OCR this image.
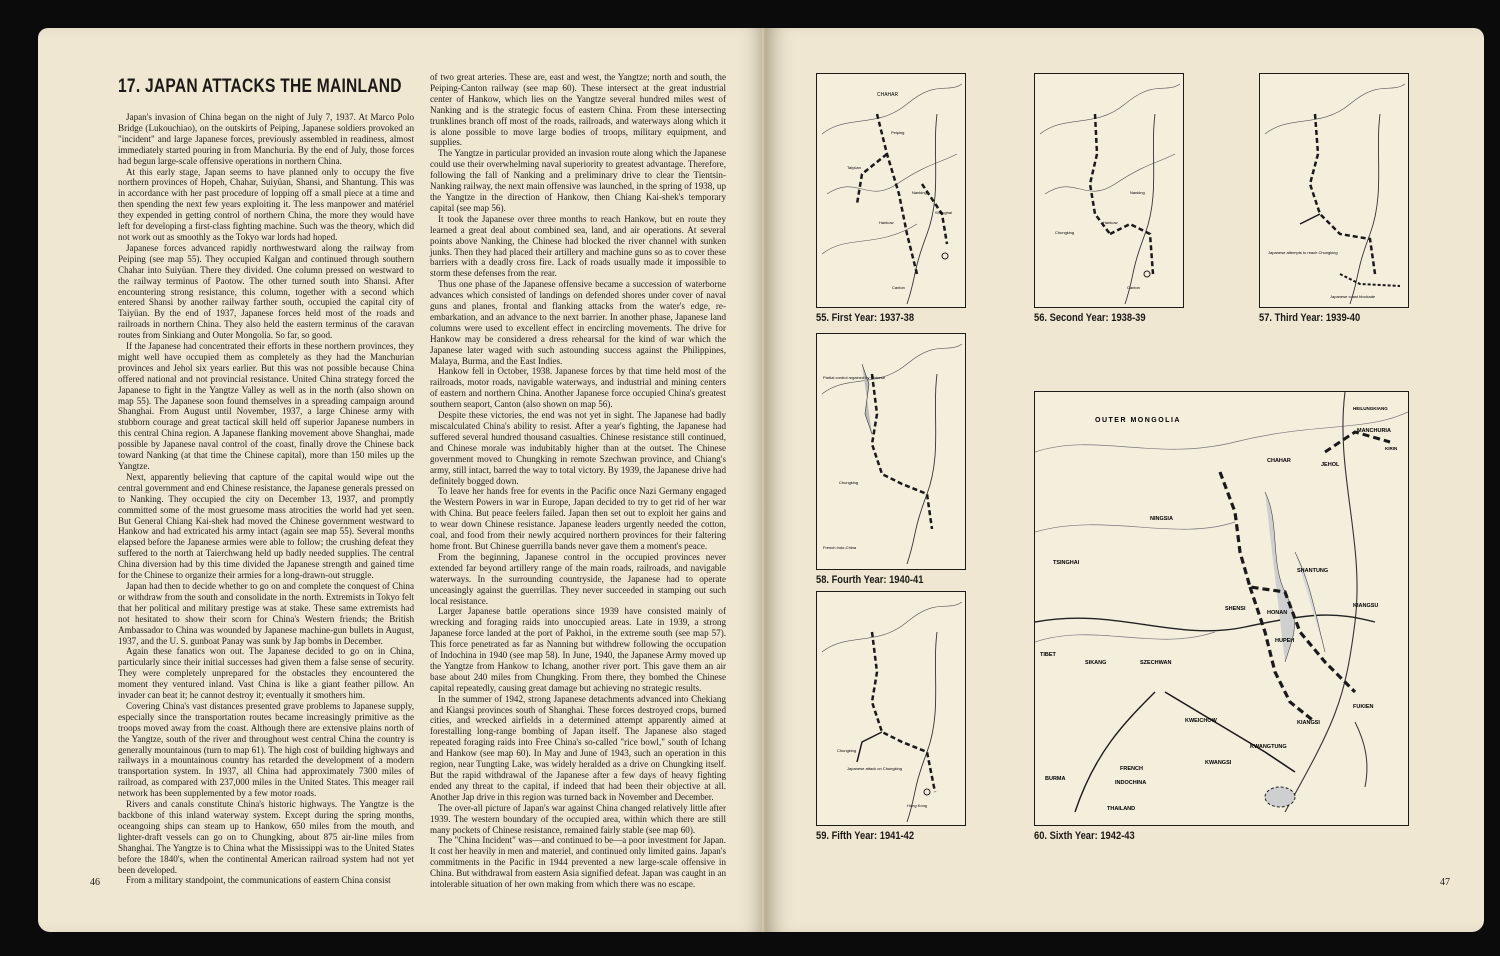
17. JAPAN ATTACKS THE MAINLAND

Japan's invasion of China began on the night of July 7, 1937. At Marco Polo Bridge (Lukouchiao), on the outskirts of Peiping, Japanese soldiers provoked an "incident" and large Japanese forces, previously assembled in readiness, almost immediately started pouring in from Manchuria. By the end of July, those forces had begun large-scale offensive operations in northern China.

At this early stage, Japan seems to have planned only to occupy the five northern provinces of Hopeh, Chahar, Suiyüan, Shansi, and Shantung. This was in accordance with her past procedure of lopping off a small piece at a time and then spending the next few years exploiting it. The less manpower and matériel they expended in getting control of northern China, the more they would have left for developing a first-class fighting machine. Such was the theory, which did not work out as smoothly as the Tokyo war lords had hoped.

Japanese forces advanced rapidly northwestward along the railway from Peiping (see map 55). They occupied Kalgan and continued through southern Chahar into Suiyüan. There they divided. One column pressed on westward to the railway terminus of Paotow. The other turned south into Shansi. After encountering strong resistance, this column, together with a second which entered Shansi by another railway farther south, occupied the capital city of Taiyüan. By the end of 1937, Japanese forces held most of the roads and railroads in northern China. They also held the eastern terminus of the caravan routes from Sinkiang and Outer Mongolia. So far, so good.

If the Japanese had concentrated their efforts in these northern provinces, they might well have occupied them as completely as they had the Manchurian provinces and Jehol six years earlier. But this was not possible because China offered national and not provincial resistance. United China strategy forced the Japanese to fight in the Yangtze Valley as well as in the north (also shown on map 55). The Japanese soon found themselves in a spreading campaign around Shanghai. From August until November, 1937, a large Chinese army with stubborn courage and great tactical skill held off superior Japanese numbers in this central China region. A Japanese flanking movement above Shanghai, made possible by Japanese naval control of the coast, finally drove the Chinese back toward Nanking (at that time the Chinese capital), more than 150 miles up the Yangtze.

Next, apparently believing that capture of the capital would wipe out the central government and end Chinese resistance, the Japanese generals pressed on to Nanking. They occupied the city on December 13, 1937, and promptly committed some of the most gruesome mass atrocities the world had yet seen. But General Chiang Kai-shek had moved the Chinese government westward to Hankow and had extricated his army intact (again see map 55). Several months elapsed before the Japanese armies were able to follow; the crushing defeat they suffered to the north at Taierchwang held up badly needed supplies. The central China diversion had by this time divided the Japanese strength and gained time for the Chinese to organize their armies for a long-drawn-out struggle.

Japan had then to decide whether to go on and complete the conquest of China or withdraw from the south and consolidate in the north. Extremists in Tokyo felt that her political and military prestige was at stake. These same extremists had not hesitated to show their scorn for China's Western friends; the British Ambassador to China was wounded by Japanese machine-gun bullets in August, 1937, and the U. S. gunboat Panay was sunk by Jap bombs in December.

Again these fanatics won out. The Japanese decided to go on in China, particularly since their initial successes had given them a false sense of security. They were completely unprepared for the obstacles they encountered the moment they ventured inland. Vast China is like a giant feather pillow. An invader can beat it; he cannot destroy it; eventually it smothers him.

Covering China's vast distances presented grave problems to Japanese supply, especially since the transportation routes became increasingly primitive as the troops moved away from the coast. Although there are extensive plains north of the Yangtze, south of the river and throughout west central China the country is generally mountainous (turn to map 61). The high cost of building highways and railways in a mountainous country has retarded the development of a modern transportation system. In 1937, all China had approximately 7300 miles of railroad, as compared with 237,000 miles in the United States. This meager rail network has been supplemented by a few motor roads.

Rivers and canals constitute China's historic highways. The Yangtze is the backbone of this inland waterway system. Except during the spring months, oceangoing ships can steam up to Hankow, 650 miles from the mouth, and lighter-draft vessels can go on to Chungking, about 875 air-line miles from Shanghai. The Yangtze is to China what the Mississippi was to the United States before the 1840's, when the continental American railroad system had not yet been developed.

From a military standpoint, the communications of eastern China consist

of two great arteries. These are, east and west, the Yangtze; north and south, the Peiping-Canton railway (see map 60). These intersect at the great industrial center of Hankow, which lies on the Yangtze several hundred miles west of Nanking and is the strategic focus of eastern China. From these intersecting trunklines branch off most of the roads, railroads, and waterways along which it is alone possible to move large bodies of troops, military equipment, and supplies.

The Yangtze in particular provided an invasion route along which the Japanese could use their overwhelming naval superiority to greatest advantage. Therefore, following the fall of Nanking and a preliminary drive to clear the Tientsin-Nanking railway, the next main offensive was launched, in the spring of 1938, up the Yangtze in the direction of Hankow, then Chiang Kai-shek's temporary capital (see map 56).

It took the Japanese over three months to reach Hankow, but en route they learned a great deal about combined sea, land, and air operations. At several points above Nanking, the Chinese had blocked the river channel with sunken junks. Then they had placed their artillery and machine guns so as to cover these barriers with a deadly cross fire. Lack of roads usually made it impossible to storm these defenses from the rear.

Thus one phase of the Japanese offensive became a succession of waterborne advances which consisted of landings on defended shores under cover of naval guns and planes, frontal and flanking attacks from the water's edge, re-embarkation, and an advance to the next barrier. In another phase, Japanese land columns were used to excellent effect in encircling movements. The drive for Hankow may be considered a dress rehearsal for the kind of war which the Japanese later waged with such astounding success against the Philippines, Malaya, Burma, and the East Indies.

Hankow fell in October, 1938. Japanese forces by that time held most of the railroads, motor roads, navigable waterways, and industrial and mining centers of eastern and northern China. Another Japanese force occupied China's greatest southern seaport, Canton (also shown on map 56).

Despite these victories, the end was not yet in sight. The Japanese had badly miscalculated China's ability to resist. After a year's fighting, the Japanese had suffered several hundred thousand casualties. Chinese resistance still continued, and Chinese morale was indubitably higher than at the outset. The Chinese government moved to Chungking in remote Szechwan province, and Chiang's army, still intact, barred the way to total victory. By 1939, the Japanese drive had definitely bogged down.

To leave her hands free for events in the Pacific once Nazi Germany engaged the Western Powers in war in Europe, Japan decided to try to get rid of her war with China. But peace feelers failed. Japan then set out to exploit her gains and to wear down Chinese resistance. Japanese leaders urgently needed the cotton, coal, and food from their newly acquired northern provinces for their faltering home front. But Chinese guerrilla bands never gave them a moment's peace.

From the beginning, Japanese control in the occupied provinces never extended far beyond artillery range of the main roads, railroads, and navigable waterways. In the surrounding countryside, the Japanese had to operate unceasingly against the guerrillas. They never succeeded in stamping out such local resistance.

Larger Japanese battle operations since 1939 have consisted mainly of wrecking and foraging raids into unoccupied areas. Late in 1939, a strong Japanese force landed at the port of Pakhoi, in the extreme south (see map 57). This force penetrated as far as Nanning but withdrew following the occupation of Indochina in 1940 (see map 58). In June, 1940, the Japanese Army moved up the Yangtze from Hankow to Ichang, another river port. This gave them an air base about 240 miles from Chungking. From there, they bombed the Chinese capital repeatedly, causing great damage but achieving no strategic results.

In the summer of 1942, strong Japanese detachments advanced into Chekiang and Kiangsi provinces south of Shanghai. These forces destroyed crops, burned cities, and wrecked airfields in a determined attempt apparently aimed at forestalling long-range bombing of Japan itself. The Japanese also staged repeated foraging raids into Free China's so-called "rice bowl," south of Ichang and Hankow (see map 60). In May and June of 1943, such an operation in this region, near Tungting Lake, was widely heralded as a drive on Chungking itself. But the rapid withdrawal of the Japanese after a few days of heavy fighting ended any threat to the capital, if indeed that had been their objective at all. Another Jap drive in this region was turned back in November and December.

The over-all picture of Japan's war against China changed relatively little after 1939. The western boundary of the occupied area, within which there are still many pockets of Chinese resistance, remained fairly stable (see map 60).

The "China Incident" was—and continued to be—a poor investment for Japan. It cost her heavily in men and materiel, and continued only limited gains. Japan's commitments in the Pacific in 1944 prevented a new large-scale offensive in China. But withdrawal from eastern Asia signified defeat. Japan was caught in an intolerable situation of her own making from which there was no escape.

46
CHAHAR
Peiping
Taiyüan
Nanking
Shanghai
Hankow
Canton
55. First Year: 1937-38
Hankow
Nanking
Canton
Chungking
56. Second Year: 1938-39
Japanese attempts to reach Chungking
Japanese coast blockade
57. Third Year: 1939-40
Partial control regained by Chinese
Chungking
French Indo-China
58. Fourth Year: 1940-41
Chungking
Hong Kong
Japanese attack on Chungking
59. Fifth Year: 1941-42
OUTER MONGOLIA
MANCHURIA
CHAHAR
JEHOL
NINGSIA
TSINGHAI
TIBET
SIKANG	SZECHWAN
SHENSI
HONAN
SHANTUNG
KIANGSU
HUPEH
KWEICHOW	KIANGSI
FUKIEN
KWANGSI
KWANGTUNG
BURMA
FRENCH
INDOCHINA
THAILAND
HEILUNGKIANG
KIRIN
60. Sixth Year: 1942-43
47
